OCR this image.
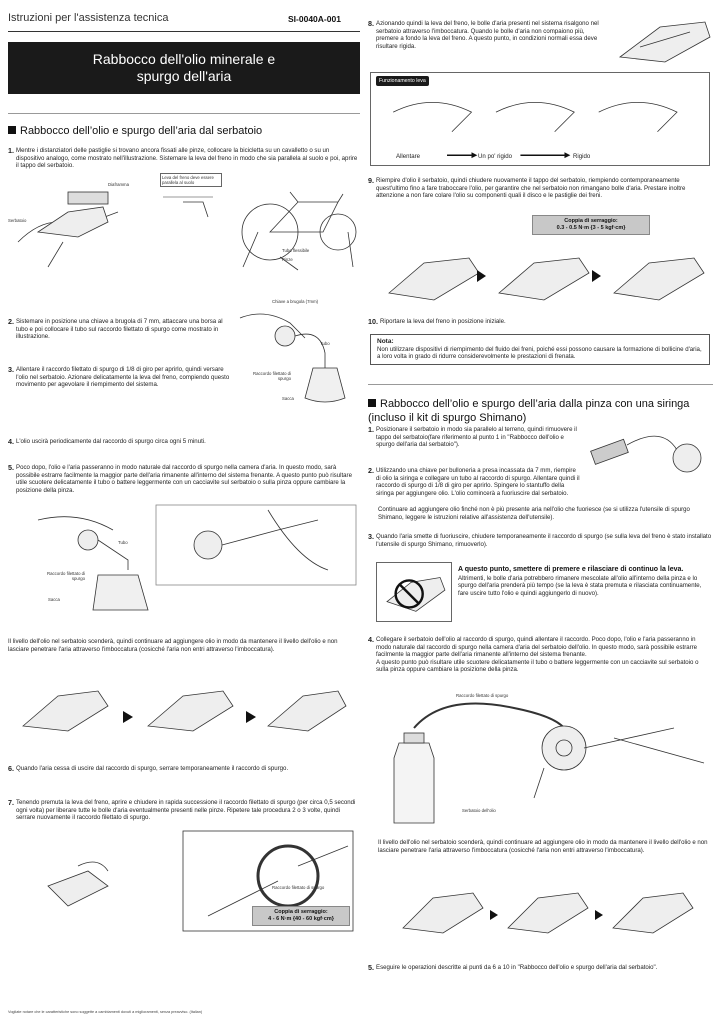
Istruzioni per l'assistenza tecnica	SI-0040A-001
Rabbocco dell'olio minerale e
spurgo dell'aria
Rabbocco dell’olio e spurgo dell’aria dal serbatoio
1. Mentre i distanziatori delle pastiglie si trovano ancora fissati alle pinze, collocare la bicicletta su un cavalletto o su un dispositivo analogo, come mostrato nell'illustrazione. Sistemare la leva del freno in modo che sia parallela al suolo e poi, aprire il tappo del serbatoio.
Diaframma
Serbatoio
Leva del freno deve essere parallela al suolo
Tubo flessibile
Pinze
2. Sistemare in posizione una chiave a brugola di 7 mm, attaccare una borsa al tubo e poi collocare il tubo sul raccordo filettato di spurgo come mostrato in illustrazione.
3. Allentare il raccordo filettato di spurgo di 1/8 di giro per aprirlo, quindi versare l'olio nel serbatoio. Azionare delicatamente la leva del freno, compiendo questo movimento per agevolare il riempimento del sistema.
Chiave a brugola (7mm)
Tubo
Raccordo filettato di spurgo
Sacca
4. L'olio uscirà periodicamente dal raccordo di spurgo circa ogni 5 minuti.
5. Poco dopo, l'olio e l'aria passeranno in modo naturale dal raccordo di spurgo nella camera d'aria. In questo modo, sarà possibile estrarre facilmente la maggior parte dell'aria rimanente all'interno del sistema frenante. A questo punto può risultare utile scuotere delicatamente il tubo o battere leggermente con un cacciavite sul serbatoio o sulla pinza oppure cambiare la posizione della pinza.
Tubo
Raccordo filettato di spurgo
Sacca
Il livello dell'olio nel serbatoio scenderà, quindi continuare ad aggiungere olio in modo da mantenere il livello dell'olio e non lasciare penetrare l'aria attraverso l'imboccatura (cosicché l'aria non entri attraverso l'imboccatura).
6. Quando l'aria cessa di uscire dal raccordo di spurgo, serrare temporaneamente il raccordo di spurgo.
7. Tenendo premuta la leva del freno, aprire e chiudere in rapida successione il raccordo filettato di spurgo (per circa 0,5 secondi ogni volta) per liberare tutte le bolle d'aria eventualmente presenti nelle pinze. Ripetere tale procedura 2 o 3 volte, quindi serrare nuovamente il raccordo filettato di spurgo.
Raccordo filettato di spurgo
Coppia di serraggio:
4 - 6 N·m {40 - 60 kgf·cm}
8. Azionando quindi la leva del freno, le bolle d'aria presenti nel sistema risalgono nel serbatoio attraverso l'imboccatura. Quando le bolle d'aria non compaiono più, premere a fondo la leva del freno. A questo punto, in condizioni normali essa deve risultare rigida.
Funzionamento leva
Allentare	Un po' rigido	Rigido
9. Riempire d'olio il serbatoio, quindi chiudere nuovamente il tappo del serbatoio, riempiendo contemporaneamente quest'ultimo fino a fare traboccare l'olio, per garantire che nel serbatoio non rimangano bolle d'aria. Prestare inoltre attenzione a non fare colare l'olio su componenti quali il disco e le pastiglie dei freni.
Coppia di serraggio:
0.3 - 0.5 N·m {3 - 5 kgf·cm}
10. Riportare la leva del freno in posizione iniziale.
Nota:
Non utilizzare dispositivi di riempimento del fluido dei freni, poiché essi possono causare la formazione di bollicine d'aria, a loro volta in grado di ridurre considerevolmente le prestazioni di frenata.
Rabbocco dell’olio e spurgo dell’aria dalla pinza con una siringa (incluso il kit di spurgo Shimano)
1. Posizionare il serbatoio in modo sia parallelo al terreno, quindi rimuovere il tappo del serbatoio(fare riferimento al punto 1 in "Rabbocco dell'olio e spurgo dell'aria dal serbatoio").
2. Utilizzando una chiave per bulloneria a presa incassata da 7 mm, riempire di olio la siringa e collegare un tubo al raccordo di spurgo. Allentare quindi il raccordo di spurgo di 1/8 di giro per aprirlo. Spingere lo stantuffo della siringa per aggiungere olio. L'olio comincerà a fuoriuscire dal serbatoio.
Continuare ad aggiungere olio finché non è più presente aria nell'olio che fuoriesce (se si utilizza l'utensile di spurgo Shimano, leggere le istruzioni relative all'assistenza dell'utensile).
3. Quando l'aria smette di fuoriuscire, chiudere temporaneamente il raccordo di spurgo (se sulla leva del freno è stato installato l'utensile di spurgo Shimano, rimuoverlo).
A questo punto, smettere di premere e rilasciare di continuo la leva.
Altrimenti, le bolle d'aria potrebbero rimanere mescolate all'olio all'interno della pinza e lo spurgo dell'aria prenderà più tempo (se la leva è stata premuta e rilasciata continuamente, fare uscire tutto l'olio e quindi aggiungerlo di nuovo).
4. Collegare il serbatoio dell'olio al raccordo di spurgo, quindi allentare il raccordo. Poco dopo, l'olio e l'aria passeranno in modo naturale dal raccordo di spurgo nella camera d'aria del serbatoio dell'olio. In questo modo, sarà possibile estrarre facilmente la maggior parte dell'aria rimanente all'interno del sistema frenante.
A questo punto può risultare utile scuotere delicatamente il tubo o battere leggermente con un cacciavite sul serbatoio o sulla pinza oppure cambiare la posizione della pinza.
Raccordo filettato di spurgo
Serbatoio dell'olio
Il livello dell'olio nel serbatoio scenderà, quindi continuare ad aggiungere olio in modo da mantenere il livello dell'olio e non lasciare penetrare l'aria attraverso l'imboccatura (cosicché l'aria non entri attraverso l'imboccatura).
5. Eseguire le operazioni descritte ai punti da 6 a 10 in "Rabbocco dell'olio e spurgo dell'aria dal serbatoio".
Vogliate notare che le caratteristiche sono soggette a cambiamenti dovuti a miglioramenti, senza preavviso. (Italian)
